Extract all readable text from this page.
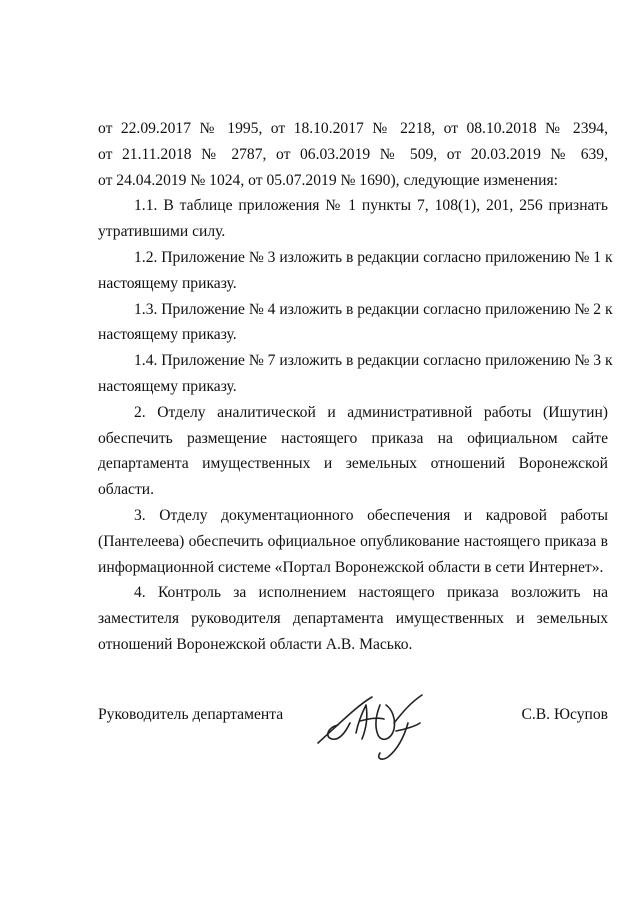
от 22.09.2017 № 1995, от 18.10.2017 № 2218, от 08.10.2018 № 2394,
от 21.11.2018 № 2787, от 06.03.2019 № 509, от 20.03.2019 № 639,
от 24.04.2019 № 1024, от 05.07.2019 № 1690), следующие изменения:
1.1. В таблице приложения № 1 пункты 7, 108(1), 201, 256 признать
утратившими силу.
1.2. Приложение № 3 изложить в редакции согласно приложению № 1 к
настоящему приказу.
1.3. Приложение № 4 изложить в редакции согласно приложению № 2 к
настоящему приказу.
1.4. Приложение № 7 изложить в редакции согласно приложению № 3 к
настоящему приказу.
2. Отделу аналитической и административной работы (Ишутин)
обеспечить размещение настоящего приказа на официальном сайте
департамента имущественных и земельных отношений Воронежской
области.
3. Отделу документационного обеспечения и кадровой работы
(Пантелеева) обеспечить официальное опубликование настоящего приказа в
информационной системе «Портал Воронежской области в сети Интернет».
4. Контроль за исполнением настоящего приказа возложить на
заместителя руководителя департамента имущественных и земельных
отношений Воронежской области А.В. Масько.
Руководитель департамента	С.В. Юсупов
